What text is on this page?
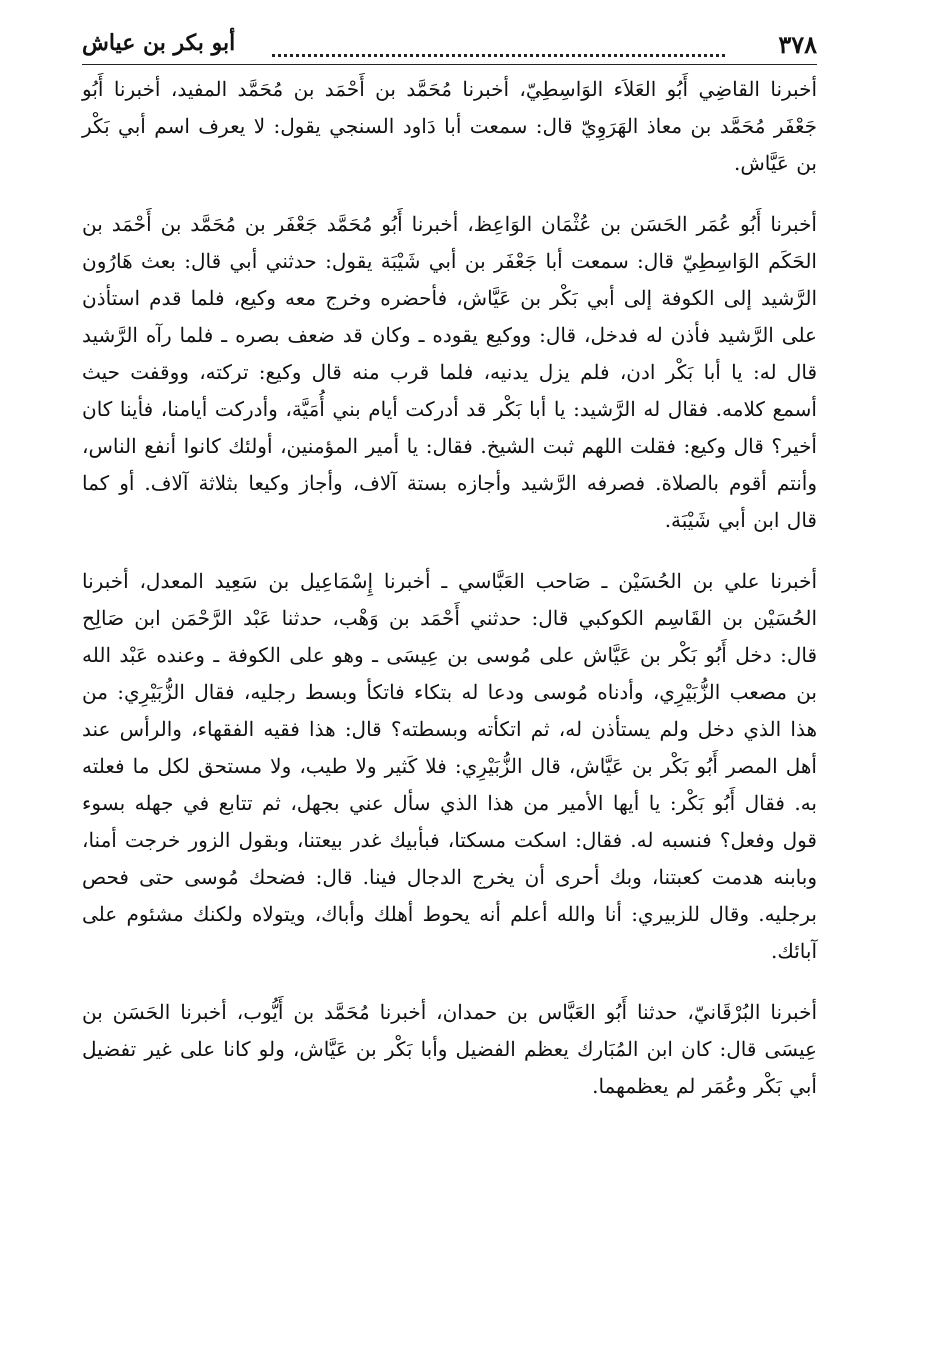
٣٧٨
أبو بكر بن عياش

أخبرنا القاضِي أَبُو العَلاَء الوَاسِطِيّ، أخبرنا مُحَمَّد بن أَحْمَد بن مُحَمَّد المفيد، أخبرنا أَبُو جَعْفَر مُحَمَّد بن معاذ الهَرَوِيّ قال: سمعت أبا دَاود السنجي يقول: لا يعرف اسم أبي بَكْر بن عَيَّاش.

أخبرنا أَبُو عُمَر الحَسَن بن عُثْمَان الوَاعِظ، أخبرنا أَبُو مُحَمَّد جَعْفَر بن مُحَمَّد بن أَحْمَد بن الحَكَم الوَاسِطِيّ قال: سمعت أبا جَعْفَر بن أبي شَيْبَة يقول: حدثني أبي قال: بعث هَارُون الرَّشيد إلى الكوفة إلى أبي بَكْر بن عَيَّاش، فأحضره وخرج معه وكيع، فلما قدم استأذن على الرَّشيد فأذن له فدخل، قال: ووكيع يقوده ـ وكان قد ضعف بصره ـ فلما رآه الرَّشيد قال له: يا أبا بَكْر ادن، فلم يزل يدنيه، فلما قرب منه قال وكيع: تركته، ووقفت حيث أسمع كلامه. فقال له الرَّشيد: يا أبا بَكْر قد أدركت أيام بني أُمَيَّة، وأدركت أيامنا، فأينا كان أخير؟ قال وكيع: فقلت اللهم ثبت الشيخ. فقال: يا أمير المؤمنين، أولئك كانوا أنفع الناس، وأنتم أقوم بالصلاة. فصرفه الرَّشيد وأجازه بستة آلاف، وأجاز وكيعا بثلاثة آلاف. أو كما قال ابن أبي شَيْبَة.

أخبرنا علي بن الحُسَيْن ـ صَاحب العَبَّاسي ـ أخبرنا إِسْمَاعِيل بن سَعِيد المعدل، أخبرنا الحُسَيْن بن القَاسِم الكوكبي قال: حدثني أَحْمَد بن وَهْب، حدثنا عَبْد الرَّحْمَن ابن صَالِح قال: دخل أَبُو بَكْر بن عَيَّاش على مُوسى بن عِيسَى ـ وهو على الكوفة ـ وعنده عَبْد الله بن مصعب الزُّبَيْرِي، وأدناه مُوسى ودعا له بتكاء فاتكأ وبسط رجليه، فقال الزُّبَيْرِي: من هذا الذي دخل ولم يستأذن له، ثم اتكأته وبسطته؟ قال: هذا فقيه الفقهاء، والرأس عند أهل المصر أَبُو بَكْر بن عَيَّاش، قال الزُّبَيْرِي: فلا كَثير ولا طيب، ولا مستحق لكل ما فعلته به. فقال أَبُو بَكْر: يا أيها الأمير من هذا الذي سأل عني بجهل، ثم تتابع في جهله بسوء قول وفعل؟ فنسبه له. فقال: اسكت مسكتا، فبأبيك غدر بيعتنا، وبقول الزور خرجت أمنا، وبابنه هدمت كعبتنا، وبك أحرى أن يخرج الدجال فينا. قال: فضحك مُوسى حتى فحص برجليه. وقال للزبيري: أنا والله أعلم أنه يحوط أهلك وأباك، ويتولاه ولكنك مشئوم على آبائك.

أخبرنا البُرْقَانيّ، حدثنا أَبُو العَبَّاس بن حمدان، أخبرنا مُحَمَّد بن أَيُّوب، أخبرنا الحَسَن بن عِيسَى قال: كان ابن المُبَارك يعظم الفضيل وأبا بَكْر بن عَيَّاش، ولو كانا على غير تفضيل أبي بَكْر وعُمَر لم يعظمهما.
